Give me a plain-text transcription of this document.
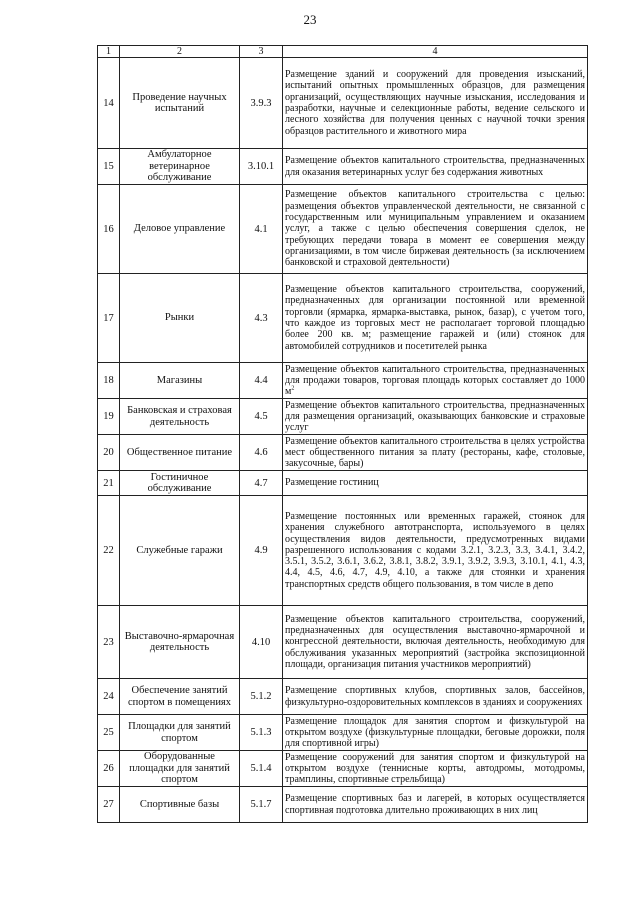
23
1	2	3	4
14	Проведение научных испытаний	3.9.3	Размещение зданий и сооружений для проведения изысканий, испытаний опытных промышленных образцов, для размещения организаций, осуществляющих научные изыскания, исследования и разработки, научные и селекционные работы, ведение сельского и лесного хозяйства для получения ценных с научной точки зрения образцов растительного и животного мира
15	Амбулаторное ветеринарное обслуживание	3.10.1	Размещение объектов капитального строительства, предназначенных для оказания ветеринарных услуг без содержания животных
16	Деловое управление	4.1	Размещение объектов капитального строительства с целью: размещения объектов управленческой деятельности, не связанной с государственным или муниципальным управлением и оказанием услуг, а также с целью обеспечения совершения сделок, не требующих передачи товара в момент ее совершения между организациями, в том числе биржевая деятельность (за исключением банковской и страховой деятельности)
17	Рынки	4.3	Размещение объектов капитального строительства, сооружений, предназначенных для организации постоянной или временной торговли (ярмарка, ярмарка-выставка, рынок, базар), с учетом того, что каждое из торговых мест не располагает торговой площадью более 200 кв. м; размещение гаражей и (или) стоянок для автомобилей сотрудников и посетителей рынка
18	Магазины	4.4	Размещение объектов капитального строительства, предназначенных для продажи товаров, торговая площадь которых составляет до 1000 $м^2$
19	Банковская и страховая деятельность	4.5	Размещение объектов капитального строительства, предназначенных для размещения организаций, оказывающих банковские и страховые услуг
20	Общественное питание	4.6	Размещение объектов капитального строительства в целях устройства мест общественного питания за плату (рестораны, кафе, столовые, закусочные, бары)
21	Гостиничное обслуживание	4.7	Размещение гостиниц
22	Служебные гаражи	4.9	Размещение постоянных или временных гаражей, стоянок для хранения служебного автотранспорта, используемого в целях осуществления видов деятельности, предусмотренных видами разрешенного использования с кодами 3.2.1, 3.2.3, 3.3, 3.4.1, 3.4.2, 3.5.1, 3.5.2, 3.6.1, 3.6.2, 3.8.1, 3.8.2, 3.9.1, 3.9.2, 3.9.3, 3.10.1, 4.1, 4.3, 4.4, 4.5, 4.6, 4.7, 4.9, 4.10, а также для стоянки и хранения транспортных средств общего пользования, в том числе в депо
23	Выставочно-ярмарочная деятельность	4.10	Размещение объектов капитального строительства, сооружений, предназначенных для осуществления выставочно-ярмарочной и конгрессной деятельности, включая деятельность, необходимую для обслуживания указанных мероприятий (застройка экспозиционной площади, организация питания участников мероприятий)
24	Обеспечение занятий спортом в помещениях	5.1.2	Размещение спортивных клубов, спортивных залов, бассейнов, физкультурно-оздоровительных комплексов в зданиях и сооружениях
25	Площадки для занятий спортом	5.1.3	Размещение площадок для занятия спортом и физкультурой на открытом воздухе (физкультурные площадки, беговые дорожки, поля для спортивной игры)
26	Оборудованные площадки для занятий спортом	5.1.4	Размещение сооружений для занятия спортом и физкультурой на открытом воздухе (теннисные корты, автодромы, мотодромы, трамплины, спортивные стрельбища)
27	Спортивные базы	5.1.7	Размещение спортивных баз и лагерей, в которых осуществляется спортивная подготовка длительно проживающих в них лиц
